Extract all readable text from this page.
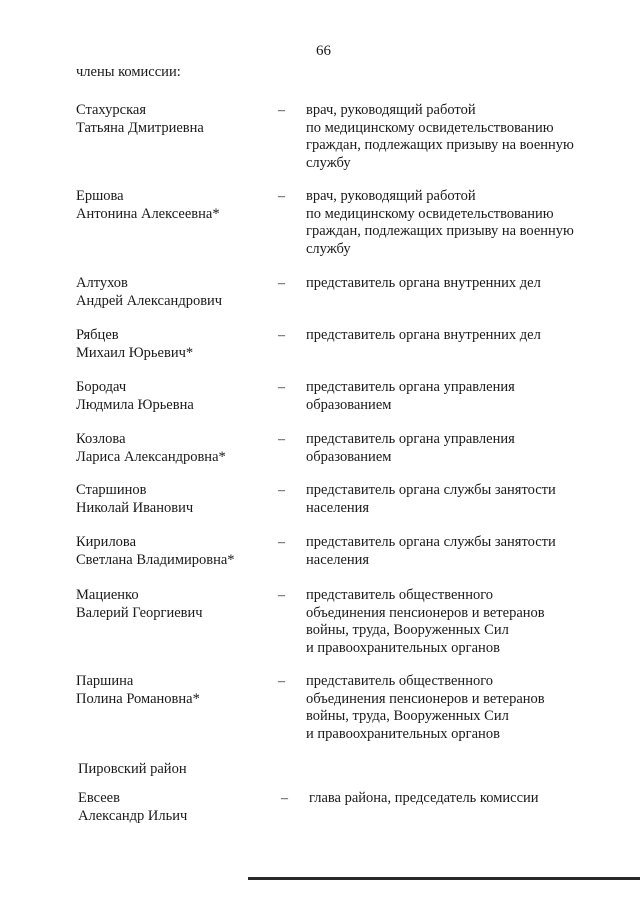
66
члены комиссии:
Стахурская
Татьяна Дмитриевна
–	врач, руководящий работой
по медицинскому освидетельствованию
граждан, подлежащих призыву на военную
службу
Ершова
Антонина Алексеевна*
–	врач, руководящий работой
по медицинскому освидетельствованию
граждан, подлежащих призыву на военную
службу
Алтухов
Андрей Александрович
–	представитель органа внутренних дел
Рябцев
Михаил Юрьевич*
–	представитель органа внутренних дел
Бородач
Людмила Юрьевна
–	представитель органа управления
образованием
Козлова
Лариса Александровна*
–	представитель органа управления
образованием
Старшинов
Николай Иванович
–	представитель органа службы занятости
населения
Кирилова
Светлана Владимировна*
–	представитель органа службы занятости
населения
Мациенко
Валерий Георгиевич
–	представитель общественного
объединения пенсионеров и ветеранов
войны, труда, Вооруженных Сил
и правоохранительных органов
Паршина
Полина Романовна*
–	представитель общественного
объединения пенсионеров и ветеранов
войны, труда, Вооруженных Сил
и правоохранительных органов
Пировский район
Евсеев
Александр Ильич
–	глава района, председатель комиссии
